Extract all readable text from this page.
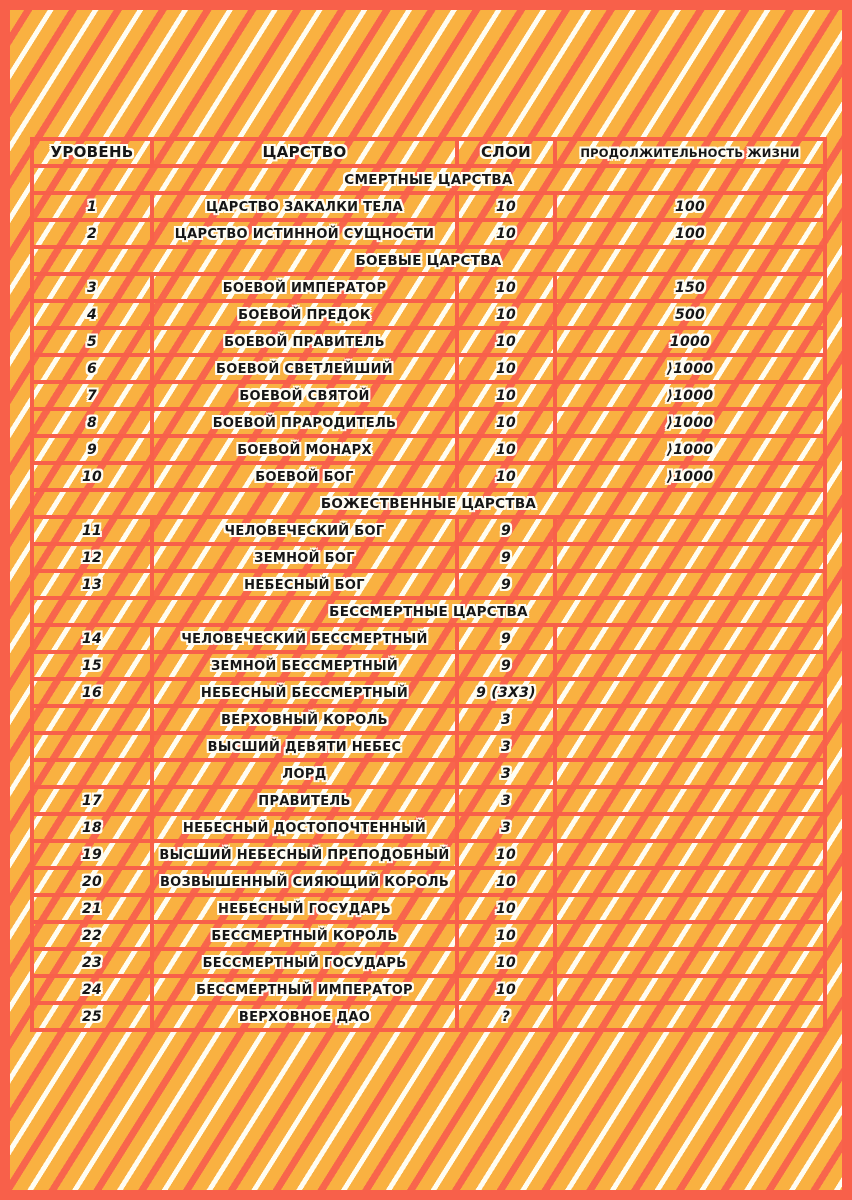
УРОВЕНЬ	ЦАРСТВО	СЛОИ	ПРОДОЛЖИТЕЛЬНОСТЬ ЖИЗНИ
СМЕРТНЫЕ ЦАРСТВА			
1	ЦАРСТВО ЗАКАЛКИ ТЕЛА	10	100
2	ЦАРСТВО ИСТИННОЙ СУЩНОСТИ	10	100
БОЕВЫЕ ЦАРСТВА			
3	БОЕВОЙ ИМПЕРАТОР	10	150
4	БОЕВОЙ ПРЕДОК	10	500
5	БОЕВОЙ ПРАВИТЕЛЬ	10	1000
6	БОЕВОЙ СВЕТЛЕЙШИЙ	10	⟩1000
7	БОЕВОЙ СВЯТОЙ	10	⟩1000
8	БОЕВОЙ ПРАРОДИТЕЛЬ	10	⟩1000
9	БОЕВОЙ МОНАРХ	10	⟩1000
10	БОЕВОЙ БОГ	10	⟩1000
БОЖЕСТВЕННЫЕ ЦАРСТВА			
11	ЧЕЛОВЕЧЕСКИЙ БОГ	9	
12	ЗЕМНОЙ БОГ	9	
13	НЕБЕСНЫЙ БОГ	9	
БЕССМЕРТНЫЕ ЦАРСТВА			
14	ЧЕЛОВЕЧЕСКИЙ БЕССМЕРТНЫЙ	9	
15	ЗЕМНОЙ БЕССМЕРТНЫЙ	9	
16	НЕБЕСНЫЙ БЕССМЕРТНЫЙ	9 (3X3)	
	ВЕРХОВНЫЙ КОРОЛЬ	3	
	ВЫСШИЙ ДЕВЯТИ НЕБЕС	3	
	ЛОРД	3	
17	ПРАВИТЕЛЬ	3	
18	НЕБЕСНЫЙ ДОСТОПОЧТЕННЫЙ	3	
19	ВЫСШИЙ НЕБЕСНЫЙ ПРЕПОДОБНЫЙ	10	
20	ВОЗВЫШЕННЫЙ СИЯЮЩИЙ КОРОЛЬ	10	
21	НЕБЕСНЫЙ ГОСУДАРЬ	10	
22	БЕССМЕРТНЫЙ КОРОЛЬ	10	
23	БЕССМЕРТНЫЙ ГОСУДАРЬ	10	
24	БЕССМЕРТНЫЙ ИМПЕРАТОР	10	
25	ВЕРХОВНОЕ ДАО	?	
